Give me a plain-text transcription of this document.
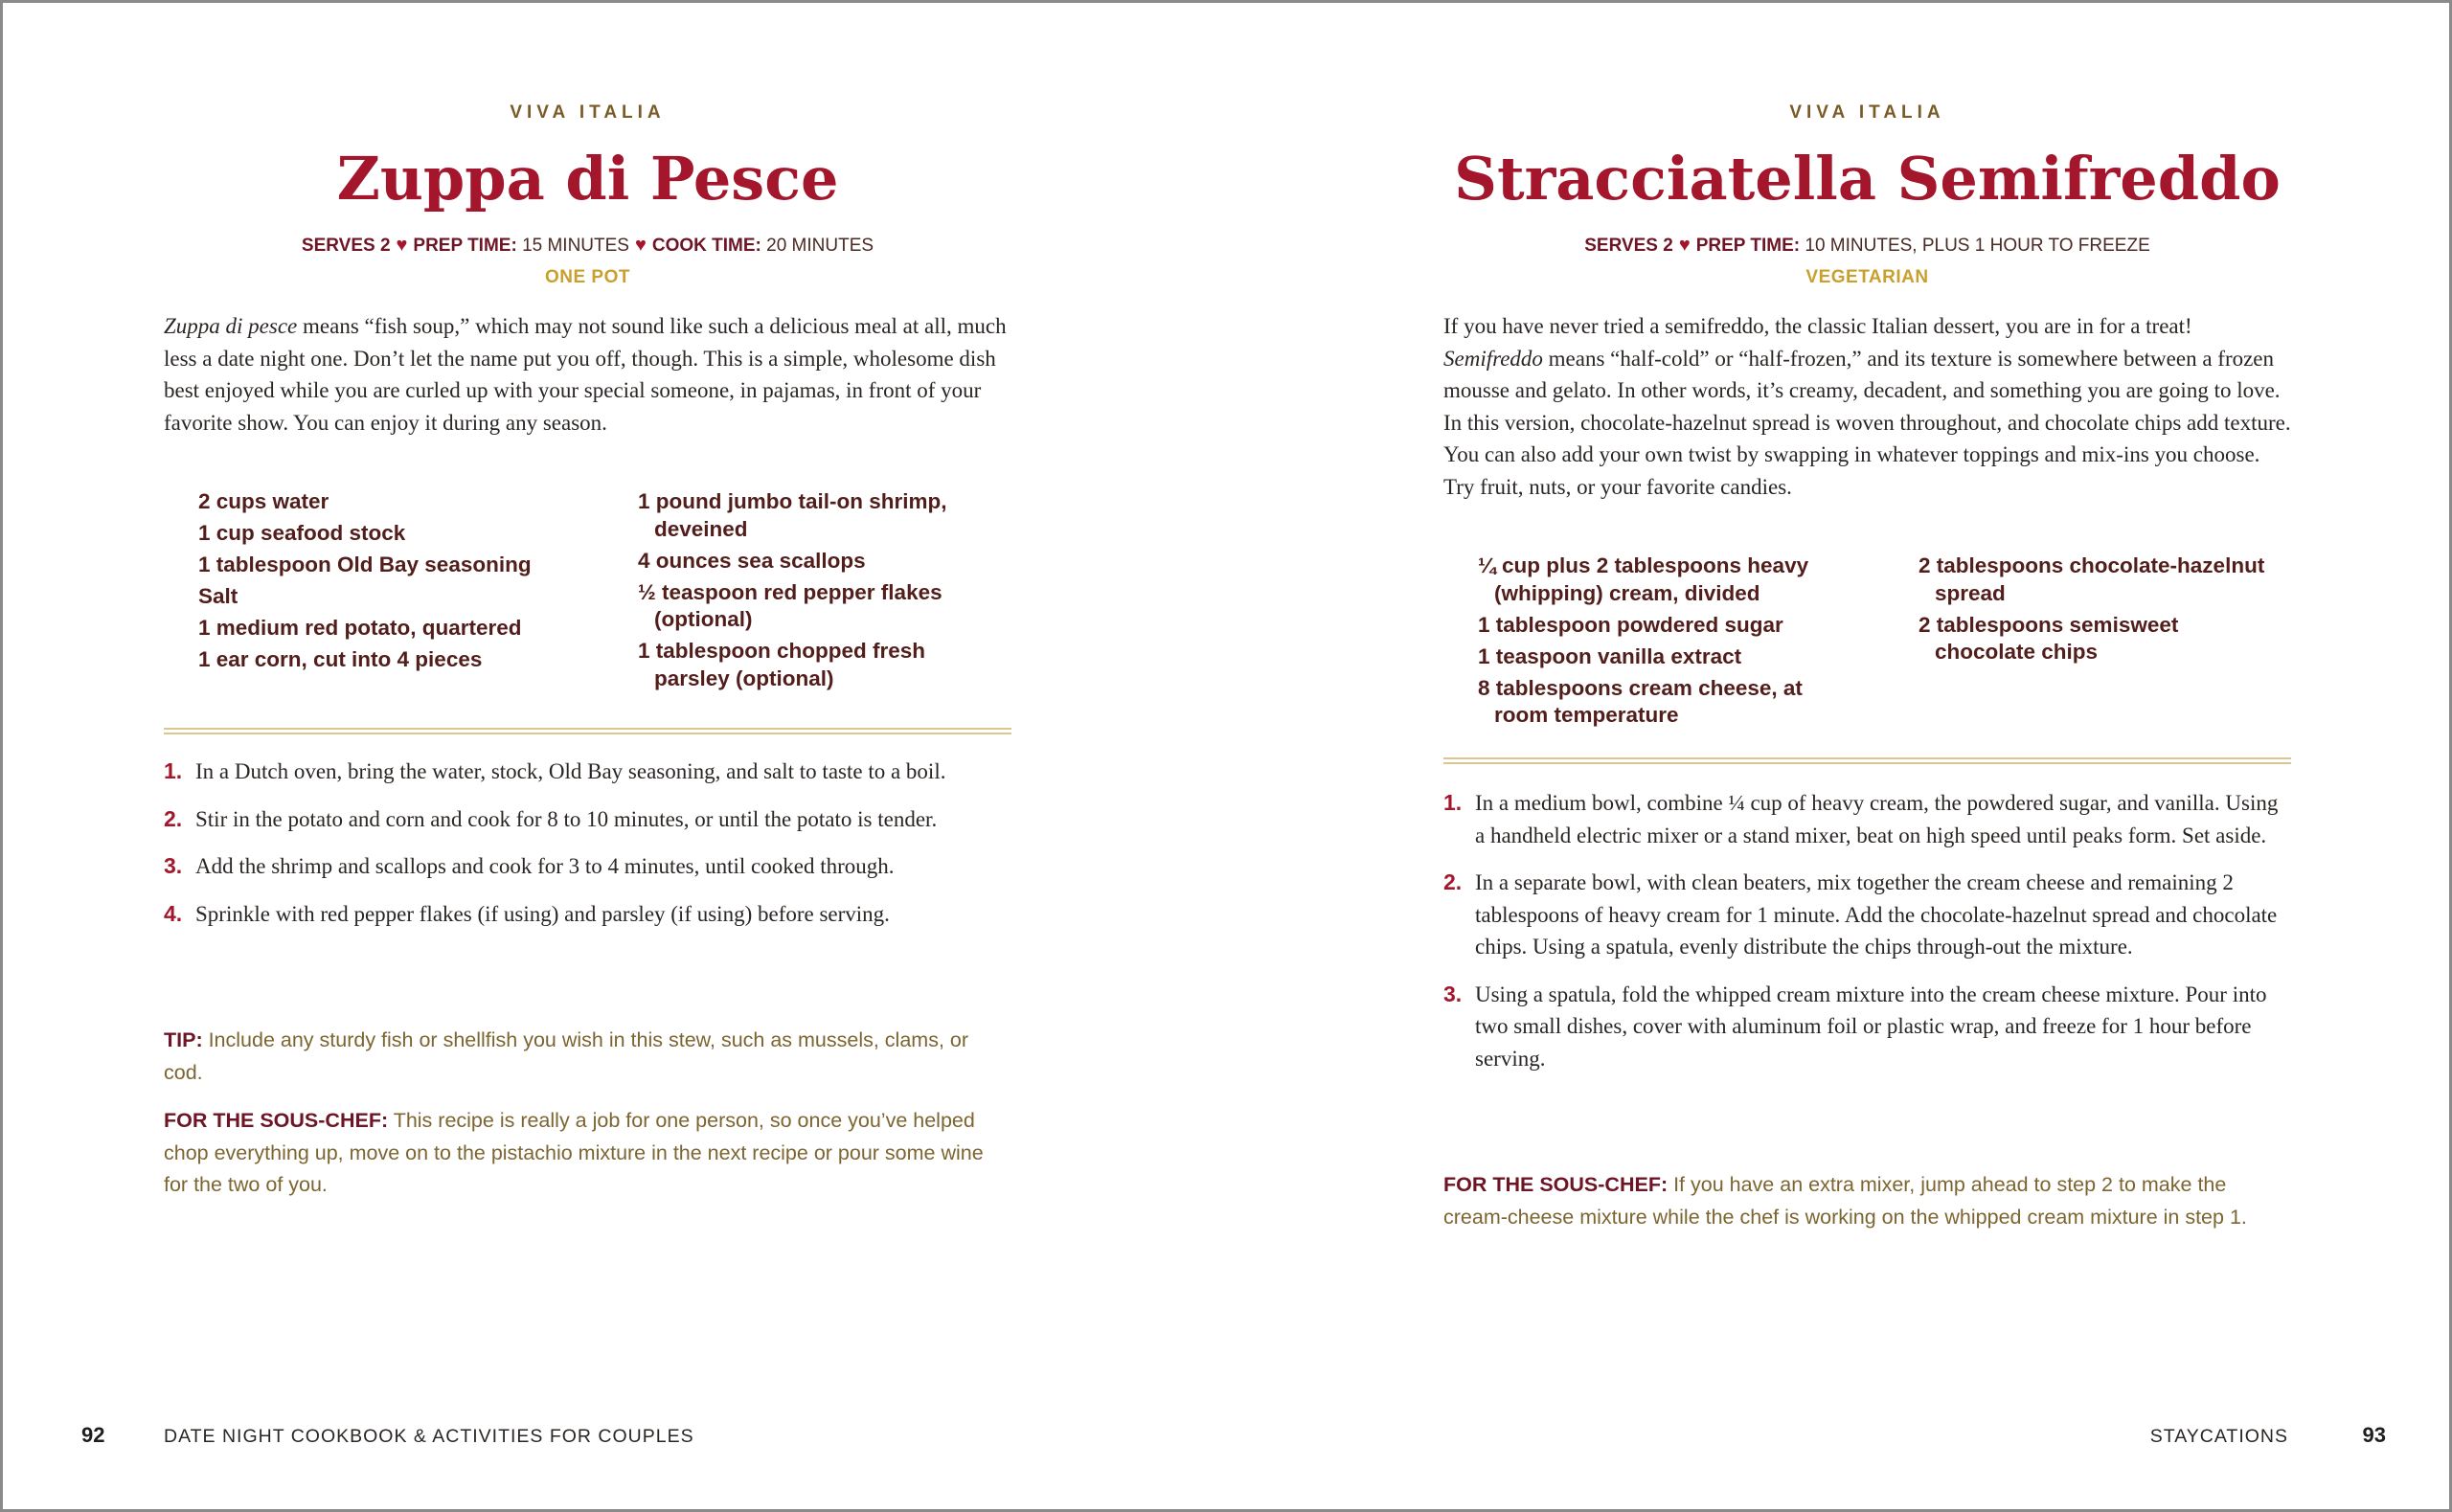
VIVA ITALIA
Zuppa di Pesce
SERVES 2 ♥ PREP TIME: 15 MINUTES ♥ COOK TIME: 20 MINUTES
ONE POT

Zuppa di pesce means “fish soup,” which may not sound like such a delicious meal at all, much less a date night one. Don’t let the name put you off, though. This is a simple, wholesome dish best enjoyed while you are curled up with your special someone, in pajamas, in front of your favorite show. You can enjoy it during any season.

2 cups water
1 cup seafood stock
1 tablespoon Old Bay seasoning
Salt
1 medium red potato, quartered
1 ear corn, cut into 4 pieces
1 pound jumbo tail-on shrimp, deveined
4 ounces sea scallops
½ teaspoon red pepper flakes (optional)
1 tablespoon chopped fresh parsley (optional)
1. In a Dutch oven, bring the water, stock, Old Bay seasoning, and salt to taste to a boil.
2. Stir in the potato and corn and cook for 8 to 10 minutes, or until the potato is tender.
3. Add the shrimp and scallops and cook for 3 to 4 minutes, until cooked through.
4. Sprinkle with red pepper flakes (if using) and parsley (if using) before serving.

TIP: Include any sturdy fish or shellfish you wish in this stew, such as mussels, clams, or cod.

FOR THE SOUS-CHEF: This recipe is really a job for one person, so once you’ve helped chop everything up, move on to the pistachio mixture in the next recipe or pour some wine for the two of you.

92	DATE NIGHT COOKBOOK & ACTIVITIES FOR COUPLES
VIVA ITALIA
Stracciatella Semifreddo
SERVES 2 ♥ PREP TIME: 10 MINUTES, PLUS 1 HOUR TO FREEZE
VEGETARIAN

If you have never tried a semifreddo, the classic Italian dessert, you are in for a treat! Semifreddo means “half-cold” or “half-frozen,” and its texture is somewhere between a frozen mousse and gelato. In other words, it’s creamy, decadent, and something you are going to love. In this version, chocolate-hazelnut spread is woven throughout, and chocolate chips add texture. You can also add your own twist by swapping in whatever toppings and mix-ins you choose. Try fruit, nuts, or your favorite candies.

¼ cup plus 2 tablespoons heavy (whipping) cream, divided
1 tablespoon powdered sugar
1 teaspoon vanilla extract
8 tablespoons cream cheese, at room temperature
2 tablespoons chocolate-hazelnut spread
2 tablespoons semisweet chocolate chips
1. In a medium bowl, combine ¼ cup of heavy cream, the powdered sugar, and vanilla. Using a handheld electric mixer or a stand mixer, beat on high speed until peaks form. Set aside.
2. In a separate bowl, with clean beaters, mix together the cream cheese and remaining 2 tablespoons of heavy cream for 1 minute. Add the chocolate-hazelnut spread and chocolate chips. Using a spatula, evenly distribute the chips through-out the mixture.
3. Using a spatula, fold the whipped cream mixture into the cream cheese mixture. Pour into two small dishes, cover with aluminum foil or plastic wrap, and freeze for 1 hour before serving.

FOR THE SOUS-CHEF: If you have an extra mixer, jump ahead to step 2 to make the cream-cheese mixture while the chef is working on the whipped cream mixture in step 1.

STAYCATIONS	93
